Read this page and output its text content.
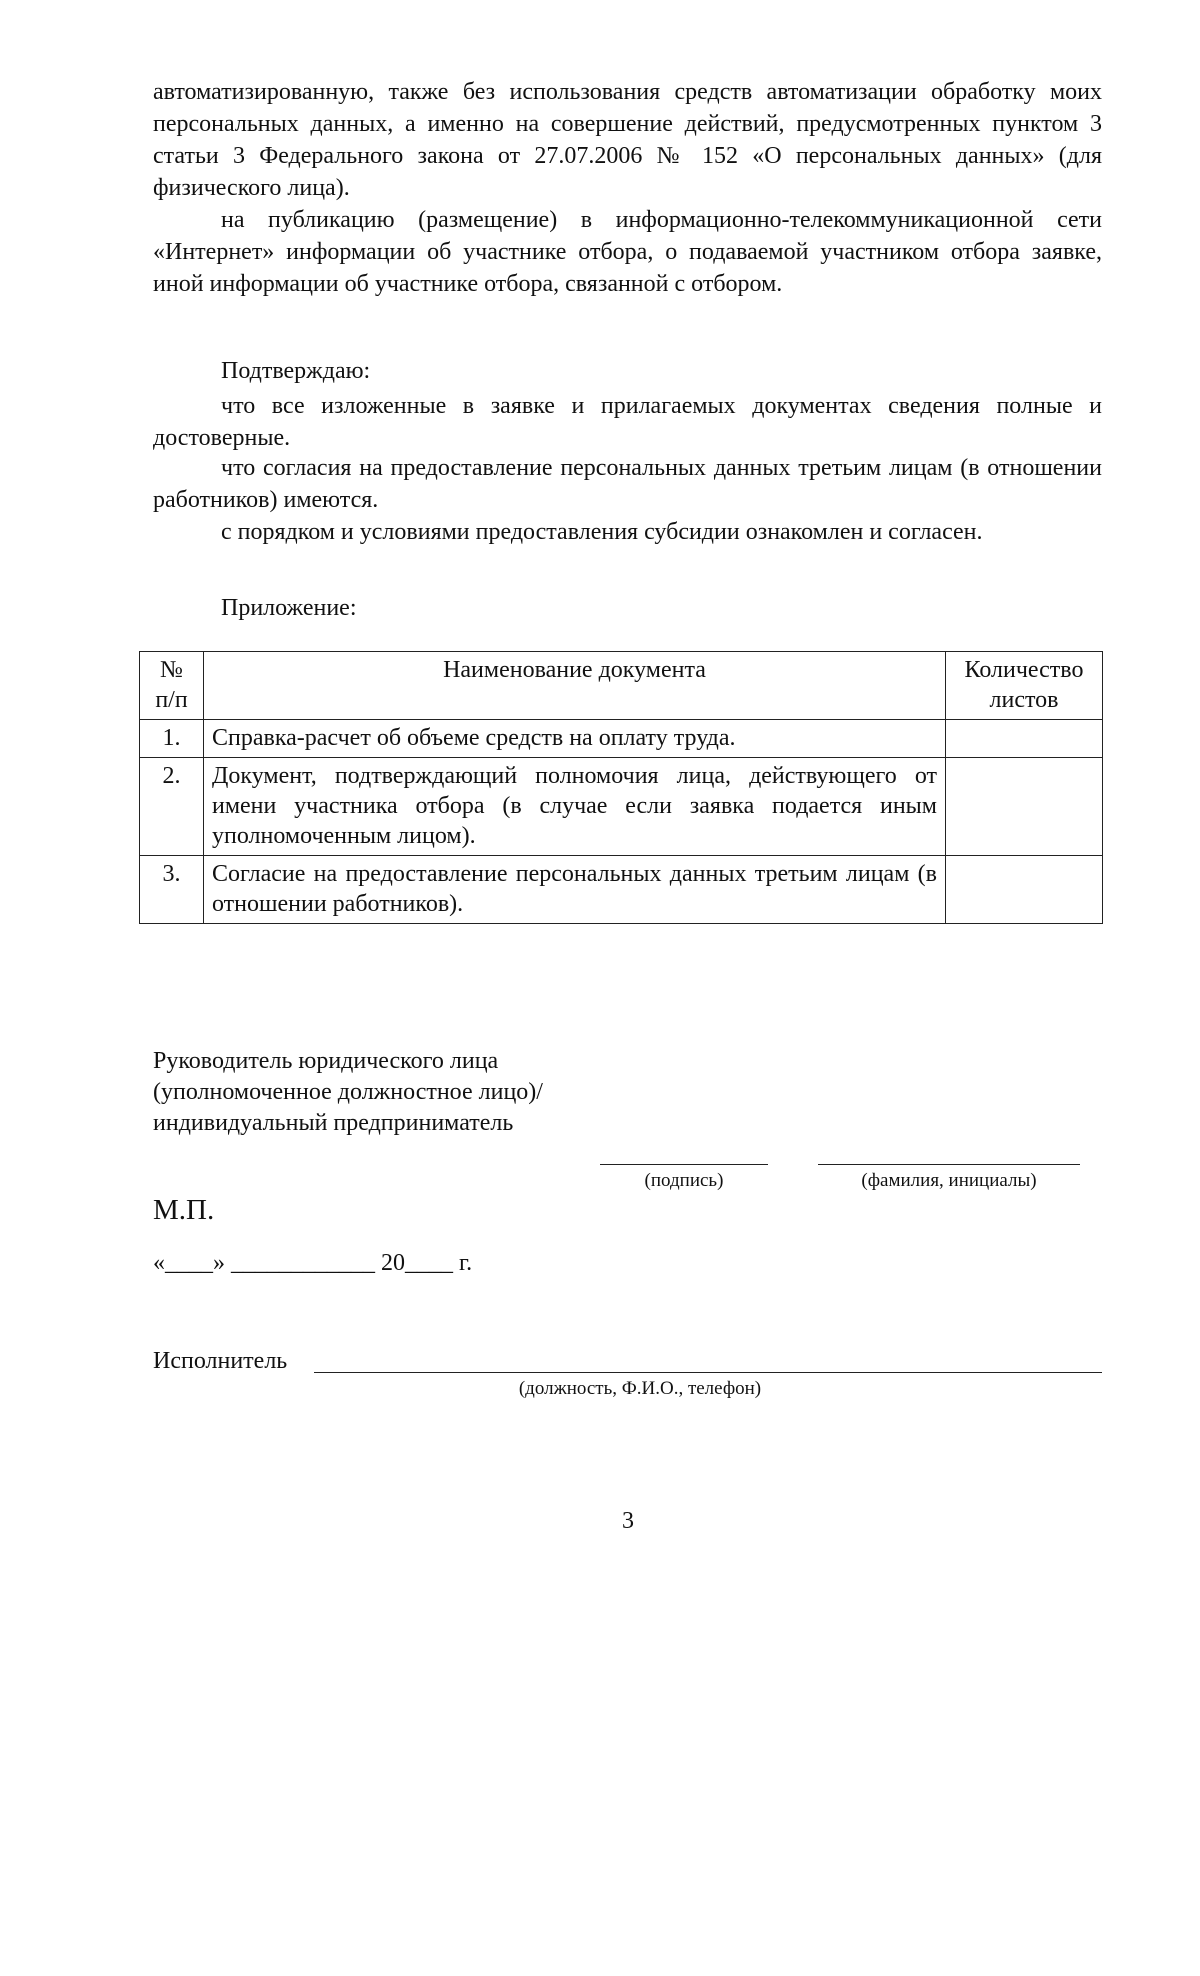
автоматизированную, также без использования средств автоматизации обработку моих персональных данных, а именно на совершение действий, предусмотренных пунктом 3 статьи 3 Федерального закона от 27.07.2006 № 152 «О персональных данных» (для физического лица).

на публикацию (размещение) в информационно-телекоммуникационной сети «Интернет» информации об участнике отбора, о подаваемой участником отбора заявке, иной информации об участнике отбора, связанной с отбором.

Подтверждаю:

что все изложенные в заявке и прилагаемых документах сведения полные и достоверные.

что согласия на предоставление персональных данных третьим лицам (в отношении работников) имеются.

с порядком и условиями предоставления субсидии ознакомлен и согласен.

Приложение:

№ п/п	Наименование документа	Количество листов
1.	Справка-расчет об объеме средств на оплату труда.	
2.	Документ, подтверждающий полномочия лица, действующего от имени участника отбора (в случае если заявка подается иным уполномоченным лицом).	
3.	Согласие на предоставление персональных данных третьим лицам (в отношении работников).	
Руководитель юридического лица
(уполномоченное должностное лицо)/
индивидуальный предприниматель
(подпись)	(фамилия, инициалы)
М.П.
«____» ____________ 20____ г.
Исполнитель
(должность, Ф.И.О., телефон)
3
